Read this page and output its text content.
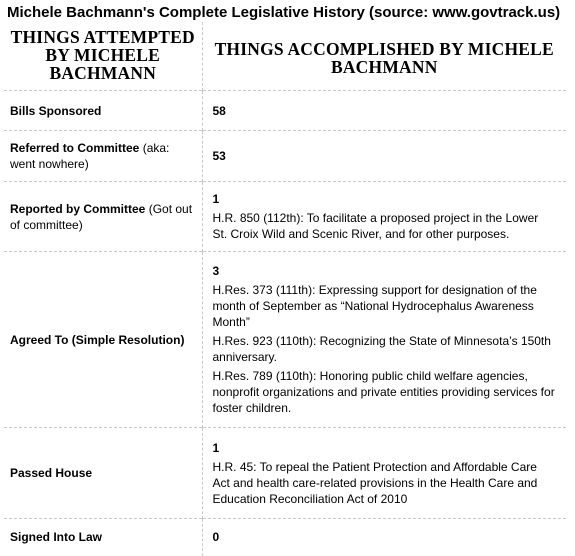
Michele Bachmann's Complete Legislative History (source: www.govtrack.us)
THINGS ATTEMPTED BY MICHELE BACHMANN	THINGS ACCOMPLISHED BY MICHELE BACHMANN
Bills Sponsored	58

Referred to Committee (aka: went nowhere)	53

Reported by Committee (Got out of committee)	1
H.R. 850 (112th): To facilitate a proposed project in the Lower St. Croix Wild and Scenic River, and for other purposes.

Agreed To (Simple Resolution)	3
H.Res. 373 (111th): Expressing support for designation of the month of September as “National Hydrocephalus Awareness Month”
H.Res. 923 (110th): Recognizing the State of Minnesota’s 150th anniversary.
H.Res. 789 (110th): Honoring public child welfare agencies, nonprofit organizations and private entities providing services for foster children.

Passed House	1
H.R. 45: To repeal the Patient Protection and Affordable Care Act and health care-related provisions in the Health Care and Education Reconciliation Act of 2010

Signed Into Law	0
